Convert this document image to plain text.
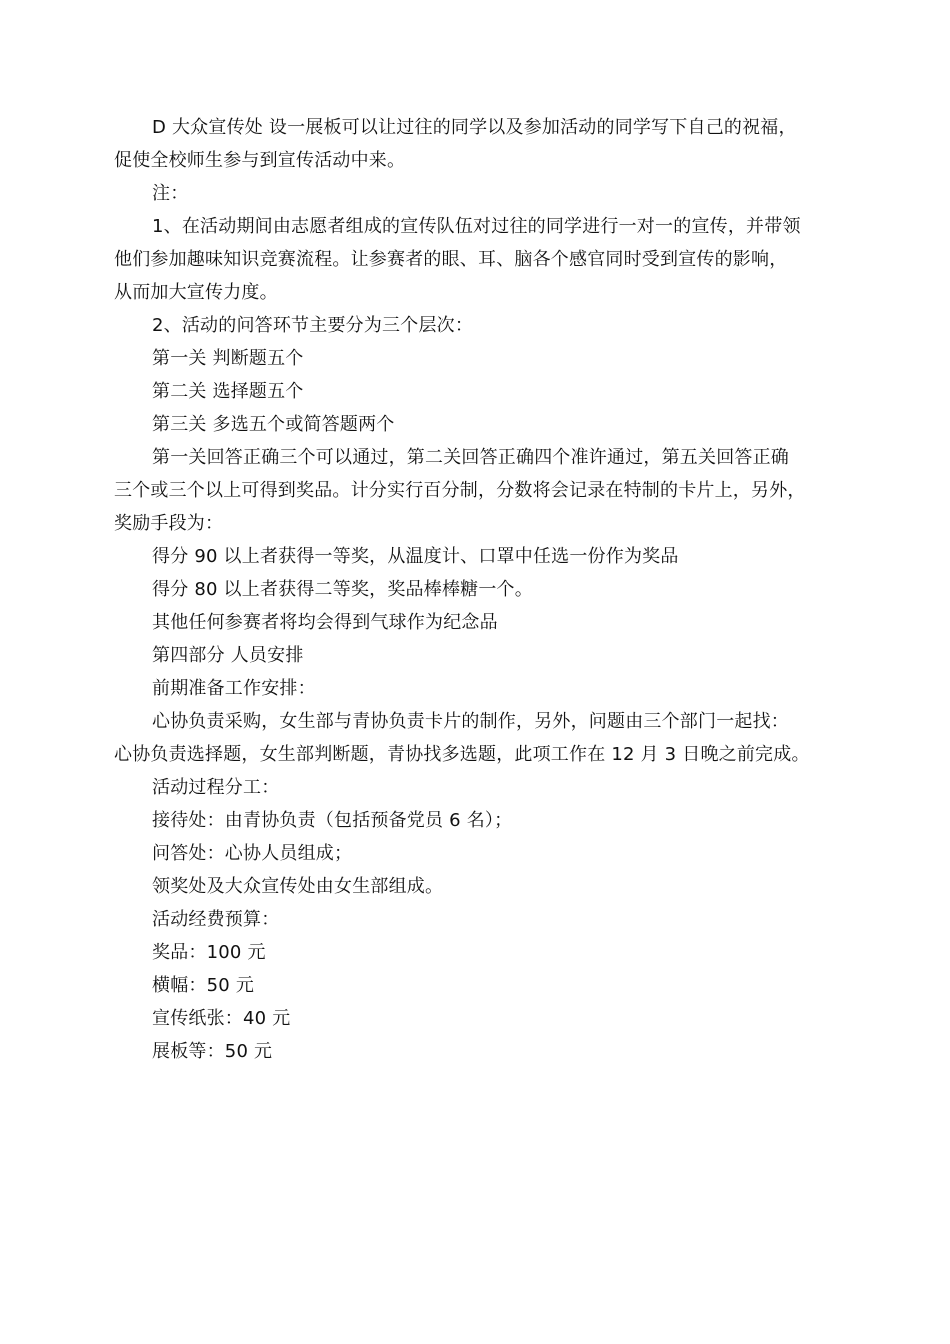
D 大众宣传处 设一展板可以让过往的同学以及参加活动的同学写下自己的祝福，
促使全校师生参与到宣传活动中来。

注：

1、在活动期间由志愿者组成的宣传队伍对过往的同学进行一对一的宣传，并带领
他们参加趣味知识竞赛流程。让参赛者的眼、耳、脑各个感官同时受到宣传的影响，
从而加大宣传力度。

2、活动的问答环节主要分为三个层次：

第一关 判断题五个

第二关 选择题五个

第三关 多选五个或简答题两个

第一关回答正确三个可以通过，第二关回答正确四个准许通过，第五关回答正确
三个或三个以上可得到奖品。计分实行百分制，分数将会记录在特制的卡片上，另外，
奖励手段为：

得分 90 以上者获得一等奖，从温度计、口罩中任选一份作为奖品

得分 80 以上者获得二等奖，奖品棒棒糖一个。

其他任何参赛者将均会得到气球作为纪念品

第四部分 人员安排

前期准备工作安排：

心协负责采购，女生部与青协负责卡片的制作，另外，问题由三个部门一起找：
心协负责选择题，女生部判断题，青协找多选题，此项工作在 12 月 3 日晚之前完成。

活动过程分工：

接待处：由青协负责（包括预备党员 6 名）；

问答处：心协人员组成；

领奖处及大众宣传处由女生部组成。

活动经费预算：

奖品：100 元

横幅：50 元

宣传纸张：40 元

展板等：50 元
